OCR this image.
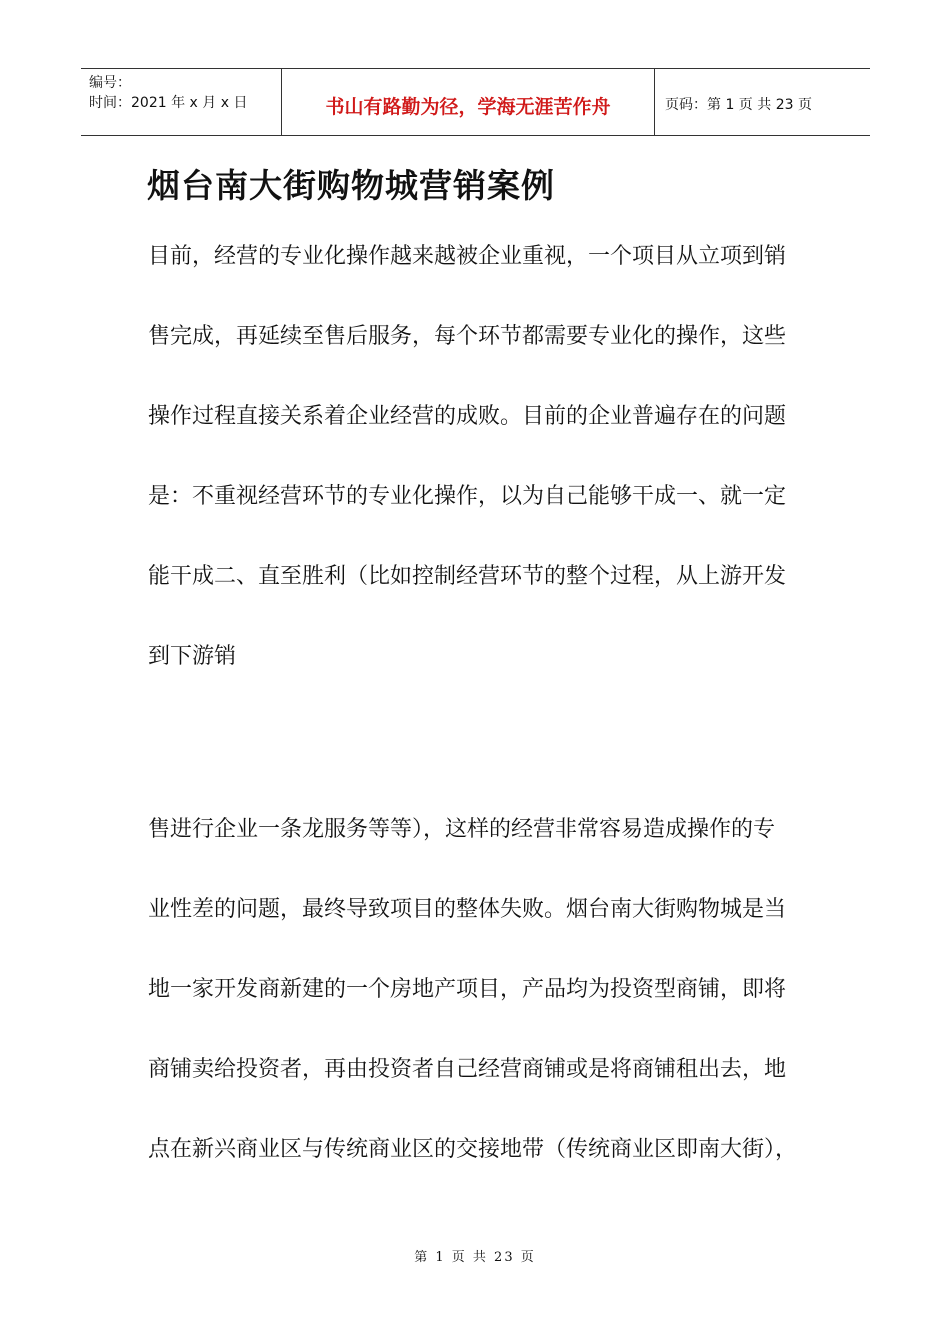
编号：
时间：2021 年 x 月 x 日	书山有路勤为径，学海无涯苦作舟	页码：第 1 页 共 23 页
烟台南大街购物城营销案例
目前，经营的专业化操作越来越被企业重视，一个项目从立项到销
售完成，再延续至售后服务，每个环节都需要专业化的操作，这些
操作过程直接关系着企业经营的成败。目前的企业普遍存在的问题
是：不重视经营环节的专业化操作，以为自己能够干成一、就一定
能干成二、直至胜利（比如控制经营环节的整个过程，从上游开发
到下游销
售进行企业一条龙服务等等），这样的经营非常容易造成操作的专
业性差的问题，最终导致项目的整体失败。烟台南大街购物城是当
地一家开发商新建的一个房地产项目，产品均为投资型商铺，即将
商铺卖给投资者，再由投资者自己经营商铺或是将商铺租出去，地
点在新兴商业区与传统商业区的交接地带（传统商业区即南大街），
第 1 页 共 23 页
